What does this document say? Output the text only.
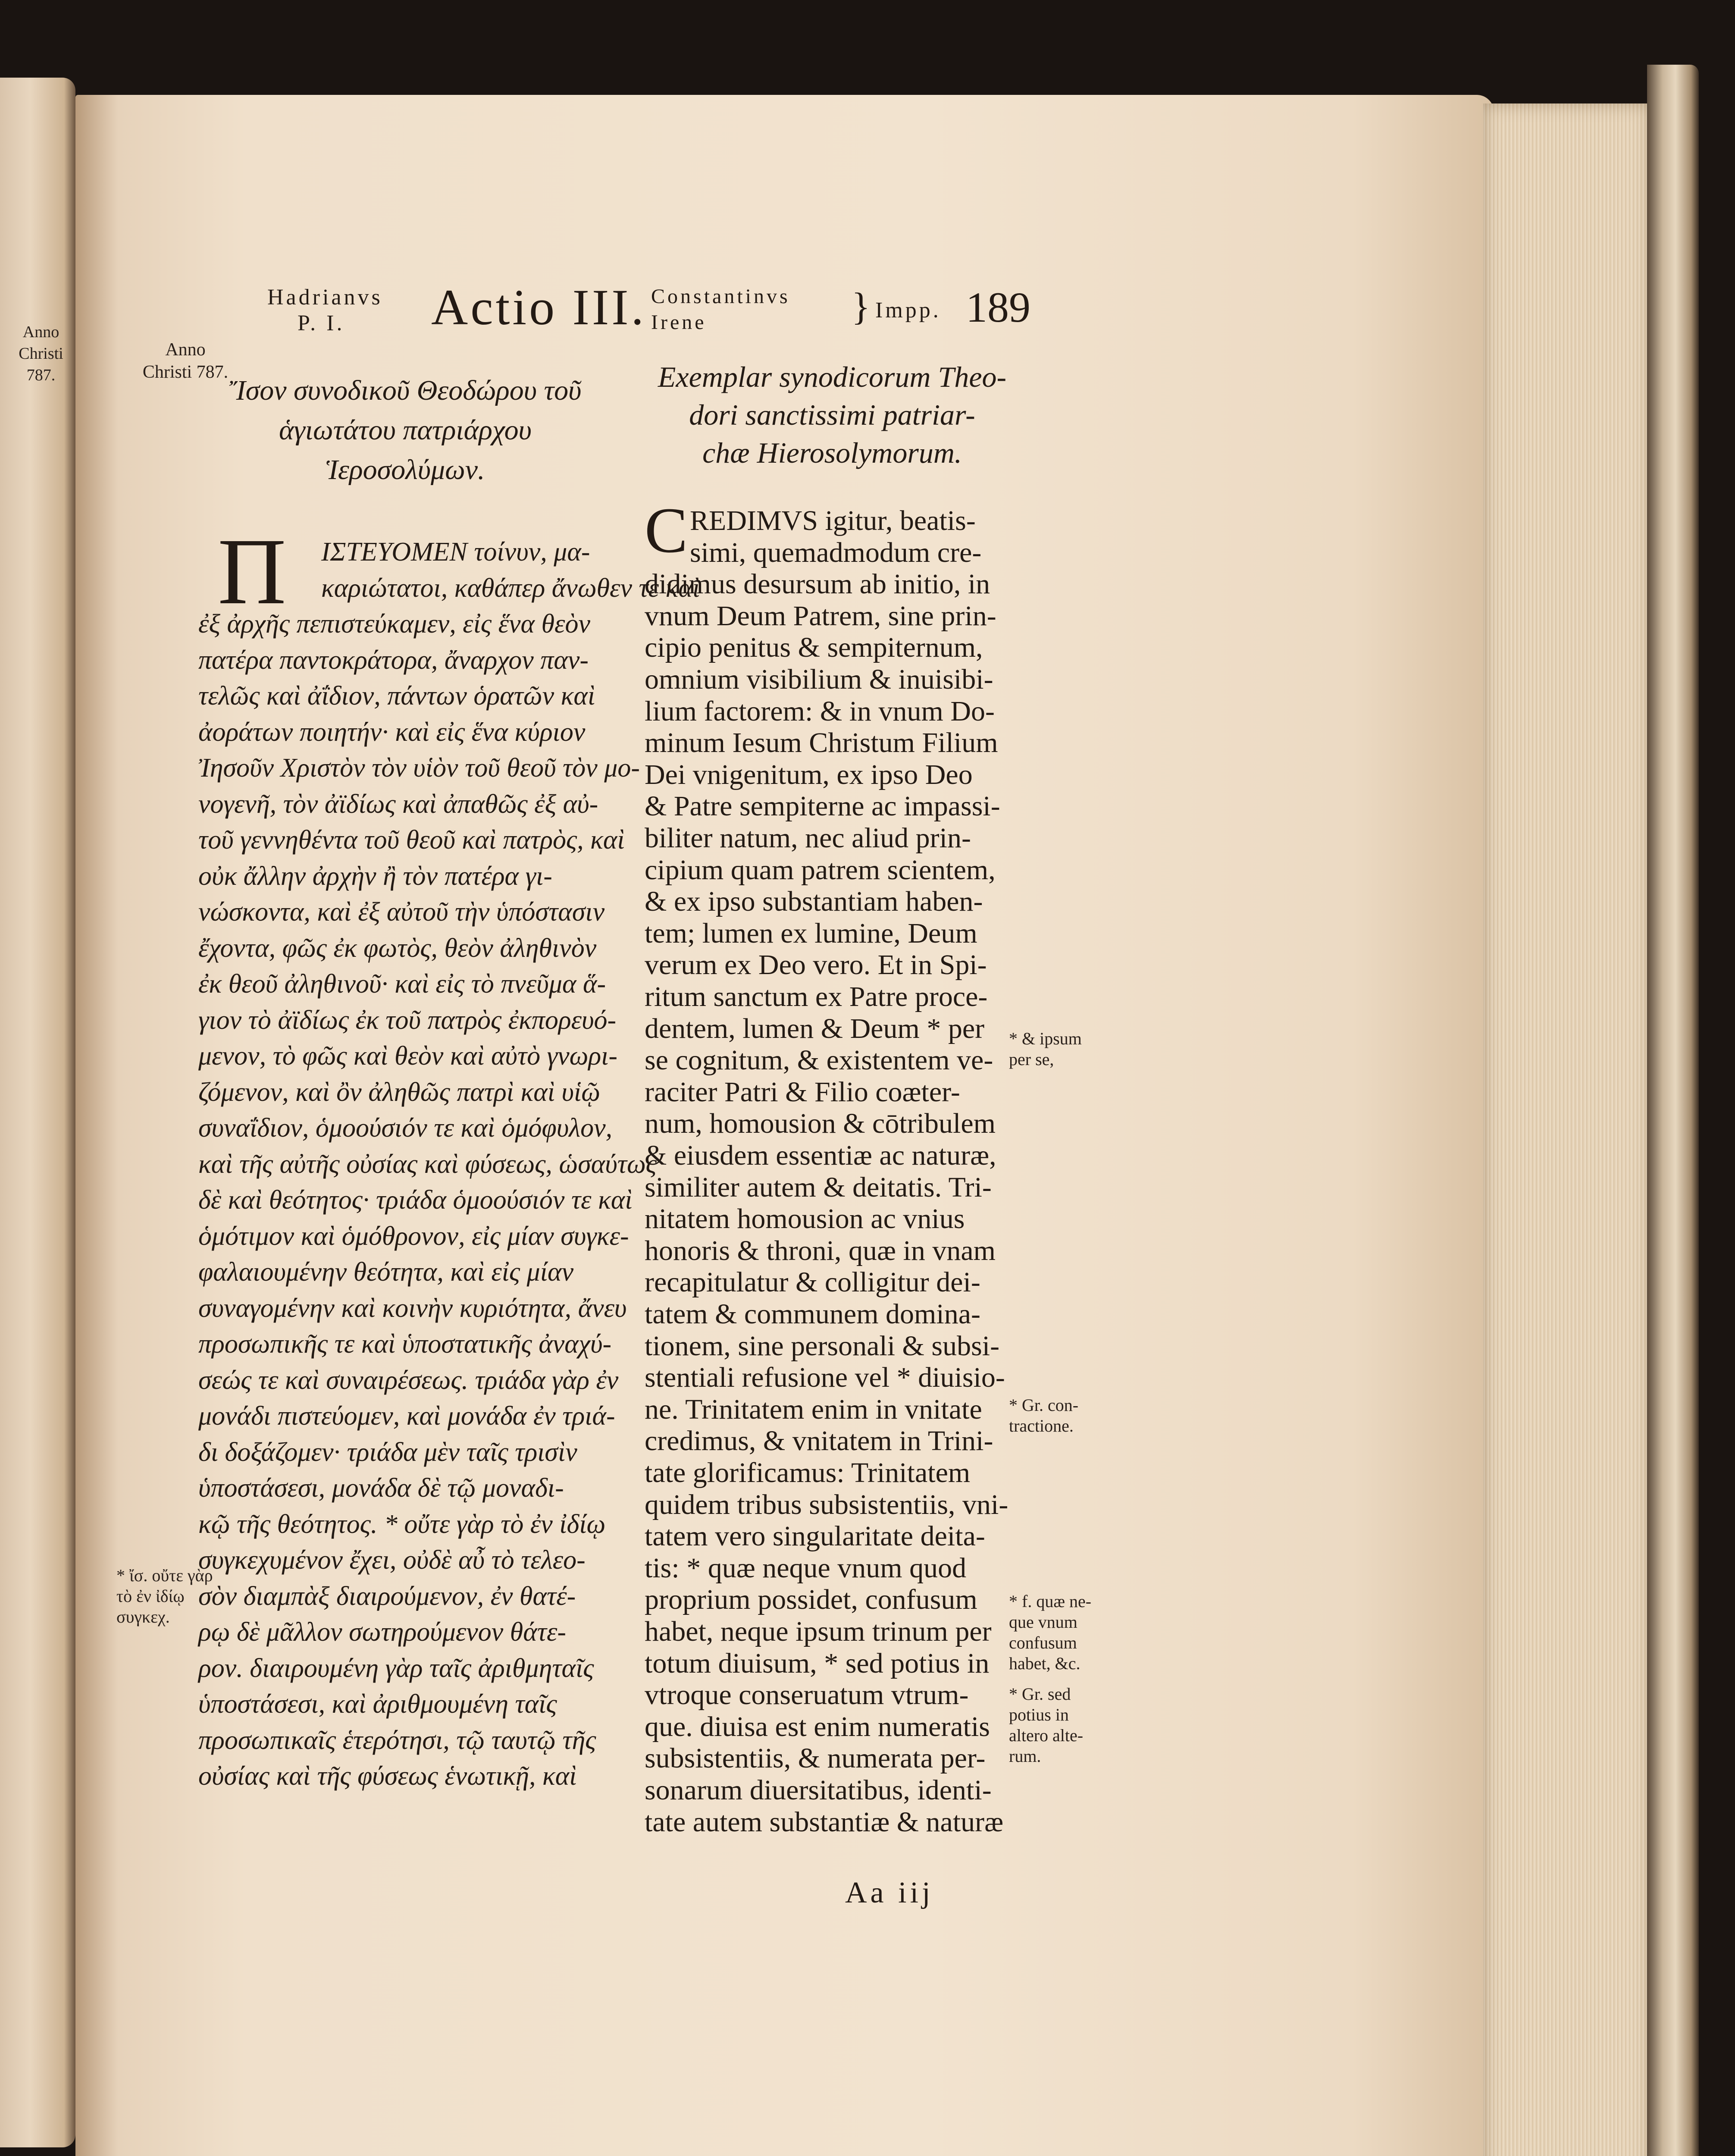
Hadrianvs
P. I. Actio III. Constantinvs
Irene	} Impp. 189
Anno Christi 787.
Anno Christi 787.
Ἴσον συνοδικοῦ Θεοδώρου τοῦ
ἁγιωτάτου πατριάρχου
Ἱεροσολύμων.
Exemplar synodicorum Theo-
dori sanctissimi patriar-
chæ Hierosolymorum.
Π	C
ΙΣΤΕΥΟΜΕΝ τοίνυν, μα-
καριώτατοι, καθάπερ ἄνωθεν τε καὶ
ἐξ ἀρχῆς πεπιστεύκαμεν, εἰς ἕνα θεὸν
πατέρα παντοκράτορα, ἄναρχον παν-
τελῶς καὶ ἀΐδιον, πάντων ὁρατῶν καὶ
ἀοράτων ποιητήν· καὶ εἰς ἕνα κύριον
Ἰησοῦν Χριστὸν τὸν υἱὸν τοῦ θεοῦ τὸν μο-
νογενῆ, τὸν ἀϊδίως καὶ ἀπαθῶς ἐξ αὐ-
τοῦ γεννηθέντα τοῦ θεοῦ καὶ πατρὸς, καὶ
οὐκ ἄλλην ἀρχὴν ἢ τὸν πατέρα γι-
νώσκοντα, καὶ ἐξ αὐτοῦ τὴν ὑπόστασιν
ἔχοντα, φῶς ἐκ φωτὸς, θεὸν ἀληθινὸν
ἐκ θεοῦ ἀληθινοῦ· καὶ εἰς τὸ πνεῦμα ἅ-
γιον τὸ ἀϊδίως ἐκ τοῦ πατρὸς ἐκπορευό-
μενον, τὸ φῶς καὶ θεὸν καὶ αὐτὸ γνωρι-
ζόμενον, καὶ ὂν ἀληθῶς πατρὶ καὶ υἱῷ
συναΐδιον, ὁμοούσιόν τε καὶ ὁμόφυλον,
καὶ τῆς αὐτῆς οὐσίας καὶ φύσεως, ὡσαύτως
δὲ καὶ θεότητος· τριάδα ὁμοούσιόν τε καὶ
ὁμότιμον καὶ ὁμόθρονον, εἰς μίαν συγκε-
φαλαιουμένην θεότητα, καὶ εἰς μίαν
συναγομένην καὶ κοινὴν κυριότητα, ἄνευ
προσωπικῆς τε καὶ ὑποστατικῆς ἀναχύ-
σεώς τε καὶ συναιρέσεως. τριάδα γὰρ ἐν
μονάδι πιστεύομεν, καὶ μονάδα ἐν τριά-
δι δοξάζομεν· τριάδα μὲν ταῖς τρισὶν
ὑποστάσεσι, μονάδα δὲ τῷ μοναδι-
κῷ τῆς θεότητος. * οὔτε γὰρ τὸ ἐν ἰδίῳ
συγκεχυμένον ἔχει, οὐδὲ αὖ τὸ τελεο-
σὸν διαμπὰξ διαιρούμενον, ἐν θατέ-
ρῳ δὲ μᾶλλον σωτηρούμενον θάτε-
ρον. διαιρουμένη γὰρ ταῖς ἀριθμηταῖς
ὑποστάσεσι, καὶ ἀριθμουμένη ταῖς
προσωπικαῖς ἑτερότησι, τῷ ταυτῷ τῆς
οὐσίας καὶ τῆς φύσεως ἑνωτικῇ, καὶ
REDIMVS igitur, beatis-
simi, quemadmodum cre-
didimus desursum ab initio, in
vnum Deum Patrem, sine prin-
cipio penitus & sempiternum,
omnium visibilium & inuisibi-
lium factorem: & in vnum Do-
minum Iesum Christum Filium
Dei vnigenitum, ex ipso Deo
& Patre sempiterne ac impassi-
biliter natum, nec aliud prin-
cipium quam patrem scientem,
& ex ipso substantiam haben-
tem; lumen ex lumine, Deum
verum ex Deo vero. Et in Spi-
ritum sanctum ex Patre proce-
dentem, lumen & Deum * per
se cognitum, & existentem ve-
raciter Patri & Filio coæter-
num, homousion & cōtribulem
& eiusdem essentiæ ac naturæ,
similiter autem & deitatis. Tri-
nitatem homousion ac vnius
honoris & throni, quæ in vnam
recapitulatur & colligitur dei-
tatem & communem domina-
tionem, sine personali & subsi-
stentiali refusione vel * diuisio-
ne. Trinitatem enim in vnitate
credimus, & vnitatem in Trini-
tate glorificamus: Trinitatem
quidem tribus subsistentiis, vni-
tatem vero singularitate deita-
tis: * quæ neque vnum quod
proprium possidet, confusum
habet, neque ipsum trinum per
totum diuisum, * sed potius in
vtroque conseruatum vtrum-
que. diuisa est enim numeratis
subsistentiis, & numerata per-
sonarum diuersitatibus, identi-
tate autem substantiæ & naturæ
* & ipsum
per se,
* Gr. con-
tractione.
* f. quæ ne-
que vnum
confusum
habet, &c.
* Gr. sed
potius in
altero alte-
rum.
* ἴσ. οὔτε γὰρ
τὸ ἐν ἰδίῳ
συγκεχ.
Aa iij
